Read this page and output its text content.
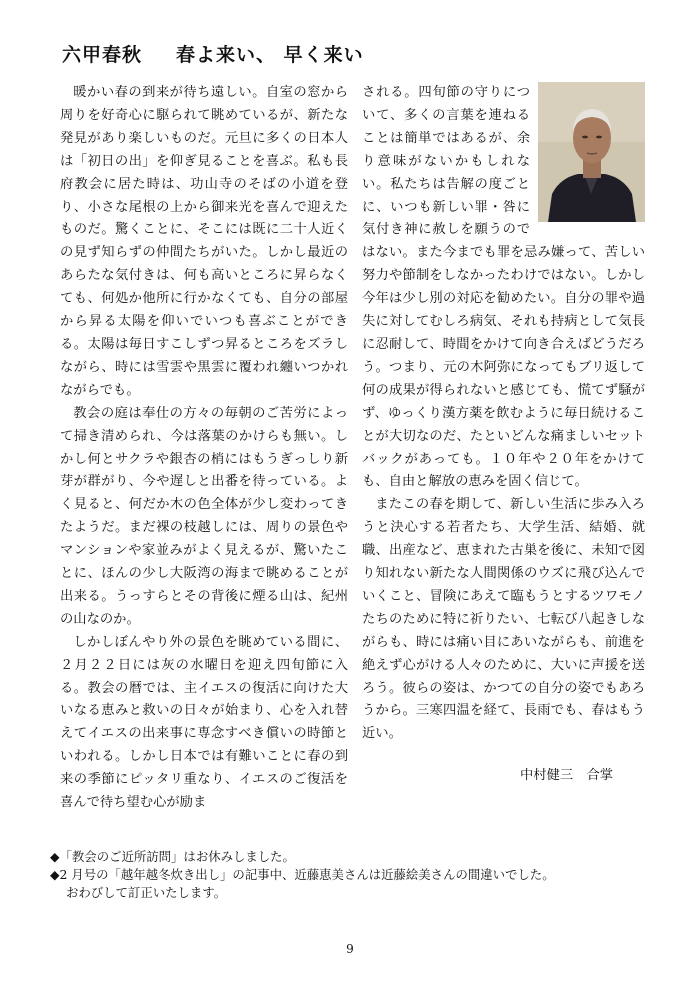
六甲春秋 春よ来い、 早く来い

暖かい春の到来が待ち遠しい。自室の窓から周りを好奇心に駆られて眺めているが、新たな発見があり楽しいものだ。元旦に多くの日本人は「初日の出」を仰ぎ見ることを喜ぶ。私も長府教会に居た時は、功山寺のそばの小道を登り、小さな尾根の上から御来光を喜んで迎えたものだ。驚くことに、そこには既に二十人近くの見ず知らずの仲間たちがいた。しかし最近のあらたな気付きは、何も高いところに昇らなくても、何処か他所に行かなくても、自分の部屋から昇る太陽を仰いでいつも喜ぶことができる。太陽は毎日すこしずつ昇るところをズラしながら、時には雪雲や黒雲に覆われ纏いつかれながらでも。

教会の庭は奉仕の方々の毎朝のご苦労によって掃き清められ、今は落葉のかけらも無い。しかし何とサクラや銀杏の梢にはもうぎっしり新芽が群がり、今や遅しと出番を待っている。よく見ると、何だか木の色全体が少し変わってきたようだ。まだ裸の枝越しには、周りの景色やマンションや家並みがよく見えるが、驚いたことに、ほんの少し大阪湾の海まで眺めることが出来る。うっすらとその背後に煙る山は、紀州の山なのか。

しかしぼんやり外の景色を眺めている間に、２月２２日には灰の水曜日を迎え四旬節に入る。教会の暦では、主イエスの復活に向けた大いなる恵みと救いの日々が始まり、心を入れ替えてイエスの出来事に専念すべき償いの時節といわれる。しかし日本では有難いことに春の到来の季節にピッタリ重なり、イエスのご復活を喜んで待ち望む心が励ま

される。四旬節の守りについて、多くの言葉を連ねることは簡単ではあるが、余り意味がないかもしれない。私たちは告解の度ごとに、いつも新しい罪・咎に気付き神に赦しを願うのではない。また今までも罪を忌み嫌って、苦しい努力や節制をしなかったわけではない。しかし今年は少し別の対応を勧めたい。自分の罪や過失に対してむしろ病気、それも持病として気長に忍耐して、時間をかけて向き合えばどうだろう。つまり、元の木阿弥になってもブリ返して何の成果が得られないと感じても、慌てず騒がず、ゆっくり漢方薬を飲むように毎日続けることが大切なのだ、たといどんな痛ましいセットバックがあっても。１０年や２０年をかけても、自由と解放の恵みを固く信じて。

またこの春を期して、新しい生活に歩み入ろうと決心する若者たち、大学生活、結婚、就職、出産など、恵まれた古巣を後に、未知で図り知れない新たな人間関係のウズに飛び込んでいくこと、冒険にあえて臨もうとするツワモノたちのために特に祈りたい、七転び八起きしながらも、時には痛い目にあいながらも、前進を絶えず心がける人々のために、大いに声援を送ろう。彼らの姿は、かつての自分の姿でもあろうから。三寒四温を経て、長雨でも、春はもう近い。

中村健三　合掌
◆「教会のご近所訪問」はお休みしました。
◆2 月号の「越年越冬炊き出し」の記事中、近藤恵美さんは近藤絵美さんの間違いでした。
おわびして訂正いたします。
9
